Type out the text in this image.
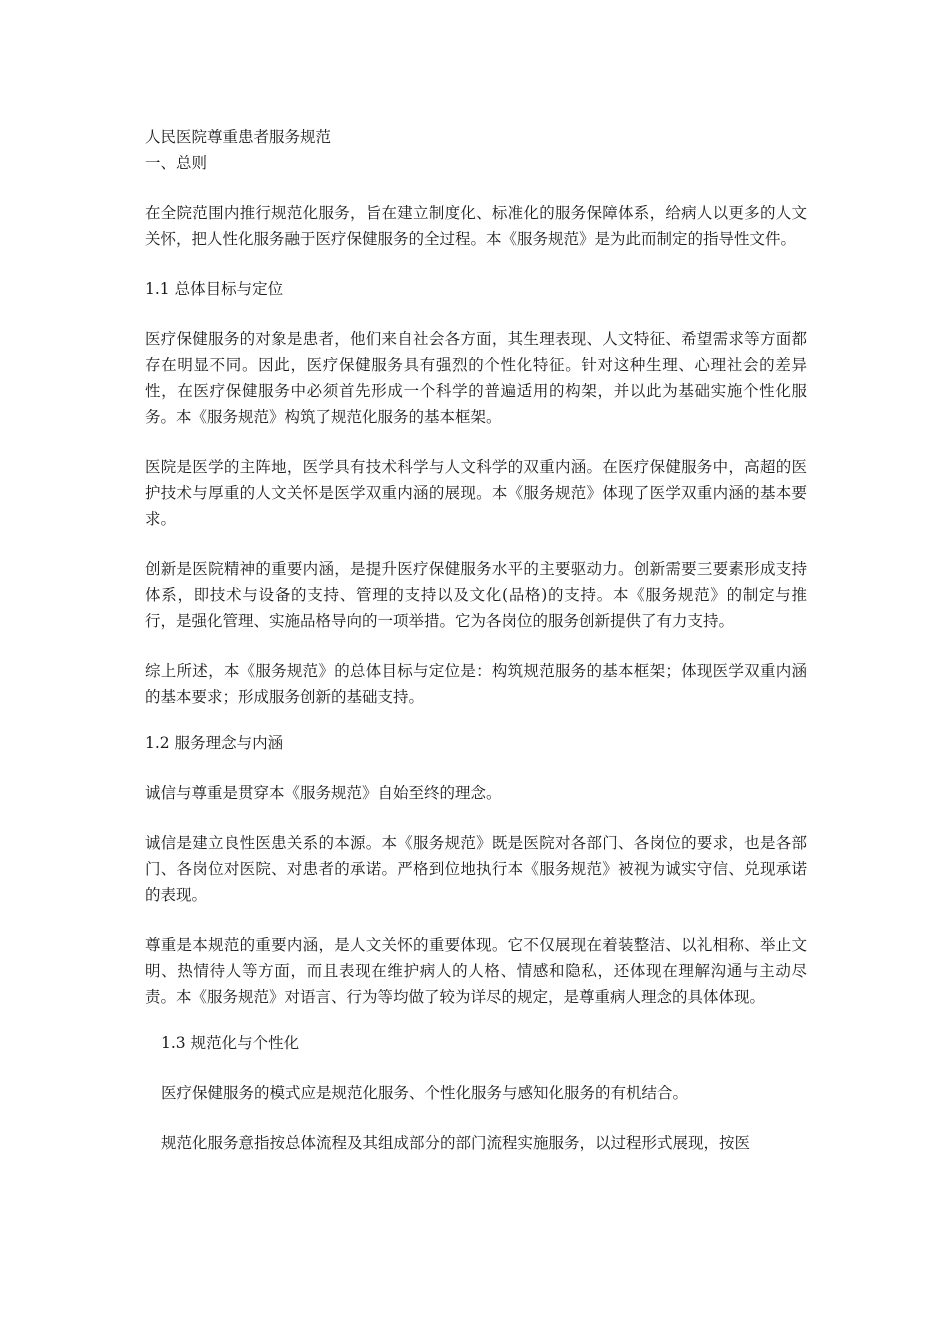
人民医院尊重患者服务规范

一、总则

在全院范围内推行规范化服务，旨在建立制度化、标准化的服务保障体系，给病人以更多的人文关怀，把人性化服务融于医疗保健服务的全过程。本《服务规范》是为此而制定的指导性文件。

1.1 总体目标与定位

医疗保健服务的对象是患者，他们来自社会各方面，其生理表现、人文特征、希望需求等方面都存在明显不同。因此，医疗保健服务具有强烈的个性化特征。针对这种生理、心理社会的差异性，在医疗保健服务中必须首先形成一个科学的普遍适用的构架，并以此为基础实施个性化服务。本《服务规范》构筑了规范化服务的基本框架。

医院是医学的主阵地，医学具有技术科学与人文科学的双重内涵。在医疗保健服务中，高超的医护技术与厚重的人文关怀是医学双重内涵的展现。本《服务规范》体现了医学双重内涵的基本要求。

创新是医院精神的重要内涵，是提升医疗保健服务水平的主要驱动力。创新需要三要素形成支持体系，即技术与设备的支持、管理的支持以及文化(品格)的支持。本《服务规范》的制定与推行，是强化管理、实施品格导向的一项举措。它为各岗位的服务创新提供了有力支持。

综上所述，本《服务规范》的总体目标与定位是：构筑规范服务的基本框架；体现医学双重内涵的基本要求；形成服务创新的基础支持。

1.2 服务理念与内涵

诚信与尊重是贯穿本《服务规范》自始至终的理念。

诚信是建立良性医患关系的本源。本《服务规范》既是医院对各部门、各岗位的要求，也是各部门、各岗位对医院、对患者的承诺。严格到位地执行本《服务规范》被视为诚实守信、兑现承诺的表现。

尊重是本规范的重要内涵，是人文关怀的重要体现。它不仅展现在着装整洁、以礼相称、举止文明、热情待人等方面，而且表现在维护病人的人格、情感和隐私，还体现在理解沟通与主动尽责。本《服务规范》对语言、行为等均做了较为详尽的规定，是尊重病人理念的具体体现。

1.3 规范化与个性化

医疗保健服务的模式应是规范化服务、个性化服务与感知化服务的有机结合。

规范化服务意指按总体流程及其组成部分的部门流程实施服务，以过程形式展现，按医
